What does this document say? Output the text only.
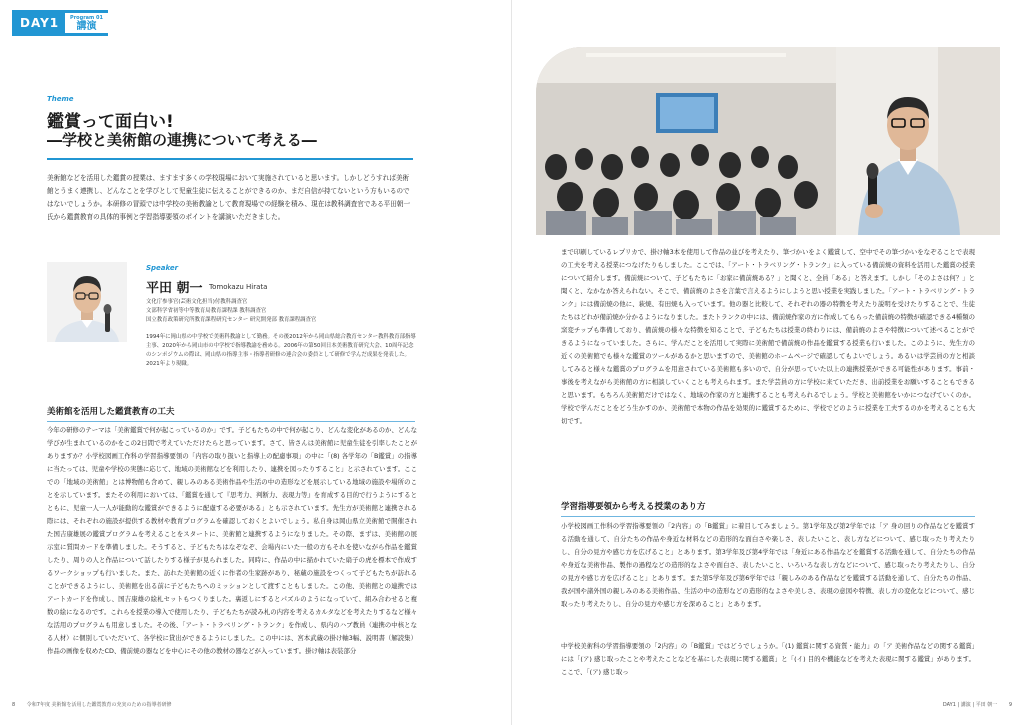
DAY1	Program 01
講演
Theme
鑑賞って面白い!
―学校と美術館の連携について考える―

美術館などを活用した鑑賞の授業は、ますます多くの学校現場において実施されていると思います。しかしどうすれば美術館とうまく連携し、どんなことを学びとして児童生徒に伝えることができるのか、まだ自信が持てないという方もいるのではないでしょうか。本研修の冒頭では中学校の美術教諭として教育現場での経験を積み、現在は教科調査官である平田朝一氏から鑑賞教育の具体的事例と学習指導要領のポイントを講演いただきました。

Speaker
平田 朝一 Tomokazu Hirata
文化庁参事官(芸術文化担当)付教科調査官
文部科学省初等中等教育局教育課程課 教科調査官
国立教育政策研究所教育課程研究センター 研究開発部 教育課程調査官

1994年に岡山県の中学校で美術科教諭として勤務。その後2012年から岡山県総合教育センター教科教育部指導主事、2020年から岡山市の中学校で指導教諭を務める。2006年の第50回日本美術教育研究大会、10周年記念のシンポジウムの際は、岡山県の指導主事・指導者研修の連合会の委員として研修で学んだ成果を発表した。2021年より現職。

美術館を活用した鑑賞教育の工夫

今年の研修のテーマは「美術鑑賞で何が起こっているのか」です。子どもたちの中で何が起こり、どんな変化があるのか、どんな学びが生まれているのかをこの2日間で考えていただけたらと思っています。さて、皆さんは美術館に児童生徒を引率したことがありますか？小学校図画工作科の学習指導要領の「内容の取り扱いと指導上の配慮事項」の中に「(8) 各学年の「B鑑賞」の指導に当たっては、児童や学校の実態に応じて、地域の美術館などを利用したり、連携を図ったりすること」と示されています。ここでの「地域の美術館」とは博物館も含めて、親しみのある美術作品や生活の中の造形などを展示している地域の施設や場所のことを示しています。またその利用においては、「鑑賞を通して『思考力、判断力、表現力等』を育成する目的で行うようにするとともに、児童一人一人が能動的な鑑賞ができるように配慮する必要がある」とも示されています。先生方が美術館と連携される際には、それぞれの施設が提供する教材や教育プログラムを確認しておくとよいでしょう。私自身は岡山県立美術館で開催された国吉康雄展の鑑賞プログラムを考えることをスタートに、美術館と連携するようになりました。その際、まずは、美術館の展示室に質問カードを準備しました。そうすると、子どもたちはなぞなぞ、会場内にいた一般の方もそれを使いながら作品を鑑賞したり、周りの人と作品について話したりする様子が見られました。同時に、作品の中に描かれていた扇子の虎を標本で作成するワークショップも行いました。また、訪れた美術館の近くに作者の生家跡があり、秘蔵の施設をつくって子どもたちが訪れることができるようにし、美術館を出る前に子どもたちへのミッションとして渡すこともしました。この他、美術館との連携ではアートカードを作成し、国吉康雄の絵札セットもつくりました。裏返しにするとパズルのようになっていて、組み合わせると複数の絵になるのです。これらを授業の導入で使用したり、子どもたちが読み札の内容を考えるカルタなどを考えたりするなど様々な活用のプログラムも用意しました。その後、「アート・トラベリング・トランク」を作成し、県内のハブ教員（連携の中核となる人材）に個別していただいて、各学校に貸出ができるようにしました。この中には、宮本武蔵の掛け軸3幅、説明書（解読集）作品の画像を収めたCD、備前焼の器などを中心にその他の教材の器などが入っています。掛け軸は表装部分

8 令和7年度 美術館を活用した鑑賞教育の充実のための指導者研修

まで印刷しているレプリカで、掛け軸3本を使用して作品の並びを考えたり、筆づかいをよく鑑賞して、空中でその筆づかいをなぞることで表現の工夫を考える授業につなげたりもしました。ここでは、「アート・トラベリング・トランク」に入っている備前焼の資料を活用した鑑賞の授業について紹介します。備前焼について、子どもたちに「お家に備前焼ある？」と聞くと、全員「ある」と答えます。しかし「そのよさは何？」と聞くと、なかなか答えられない。そこで、備前焼のよさを言葉で言えるようにしようと思い授業を実践しました。「アート・トラベリング・トランク」には備前焼の他に、萩焼、有田焼も入っています。他の器と比較して、それぞれの器の特徴を考えたり説明を受けたりすることで、生徒たちはどれが備前焼か分かるようになりました。またトランクの中には、備前焼作家の方に作成してもらった備前焼の特徴が確認できる4種類の窯変チップも準備しており、備前焼の様々な特徴を知ることで、子どもたちは授業の終わりには、備前焼のよさや特徴について述べることができるようになっていました。さらに、学んだことを活用して実際に美術館で備前焼の作品を鑑賞する授業も行いました。このように、先生方の近くの美術館でも様々な鑑賞のツールがあるかと思いますので、美術館のホームページで確認してもよいでしょう。あるいは学芸員の方と相談してみると様々な鑑賞のプログラムを用意されている美術館も多いので、自分が思っていた以上の連携授業ができる可能性があります。事前・事後を考えながら美術館の方に相談していくことも考えられます。また学芸員の方に学校に来ていただき、出前授業をお願いすることもできると思います。もちろん美術館だけではなく、地域の作家の方と連携することも考えられるでしょう。学校と美術館をいかにつなげていくのか。学校で学んだことをどう生かすのか、美術館で本物の作品を効果的に鑑賞するために、学校でどのように授業を工夫するのかを考えることも大切です。

学習指導要領から考える授業のあり方

小学校図画工作科の学習指導要領の「2内容」の「B鑑賞」に着目してみましょう。第1学年及び第2学年では「ア 身の回りの作品などを鑑賞する活動を通して、自分たちの作品や身近な材料などの造形的な面白さや楽しさ、表したいこと、表し方などについて、感じ取ったり考えたりし、自分の見方や感じ方を広げること」とあります。第3学年及び第4学年では「身近にある作品などを鑑賞する活動を通して、自分たちの作品や身近な美術作品、製作の過程などの造形的なよさや面白さ、表したいこと、いろいろな表し方などについて、感じ取ったり考えたりし、自分の見方や感じ方を広げること」とあります。また第5学年及び第6学年では「親しみのある作品などを鑑賞する活動を通して、自分たちの作品、我が国や諸外国の親しみのある美術作品、生活の中の造形などの造形的なよさや美しさ、表現の意図や特徴、表し方の変化などについて、感じ取ったり考えたりし、自分の見方や感じ方を深めること」とあります。

中学校美術科の学習指導要領の「2内容」の「B鑑賞」ではどうでしょうか。「(1) 鑑賞に関する資質・能力」の「ア 美術作品などの関する鑑賞」には「(ア) 感じ取ったことや考えたことなどを基にした表現に関する鑑賞」と「(イ) 目的や機能などを考えた表現に関する鑑賞」があります。ここで、「(ア) 感じ取っ

DAY1 | 講演 | 平田 朝一 9
